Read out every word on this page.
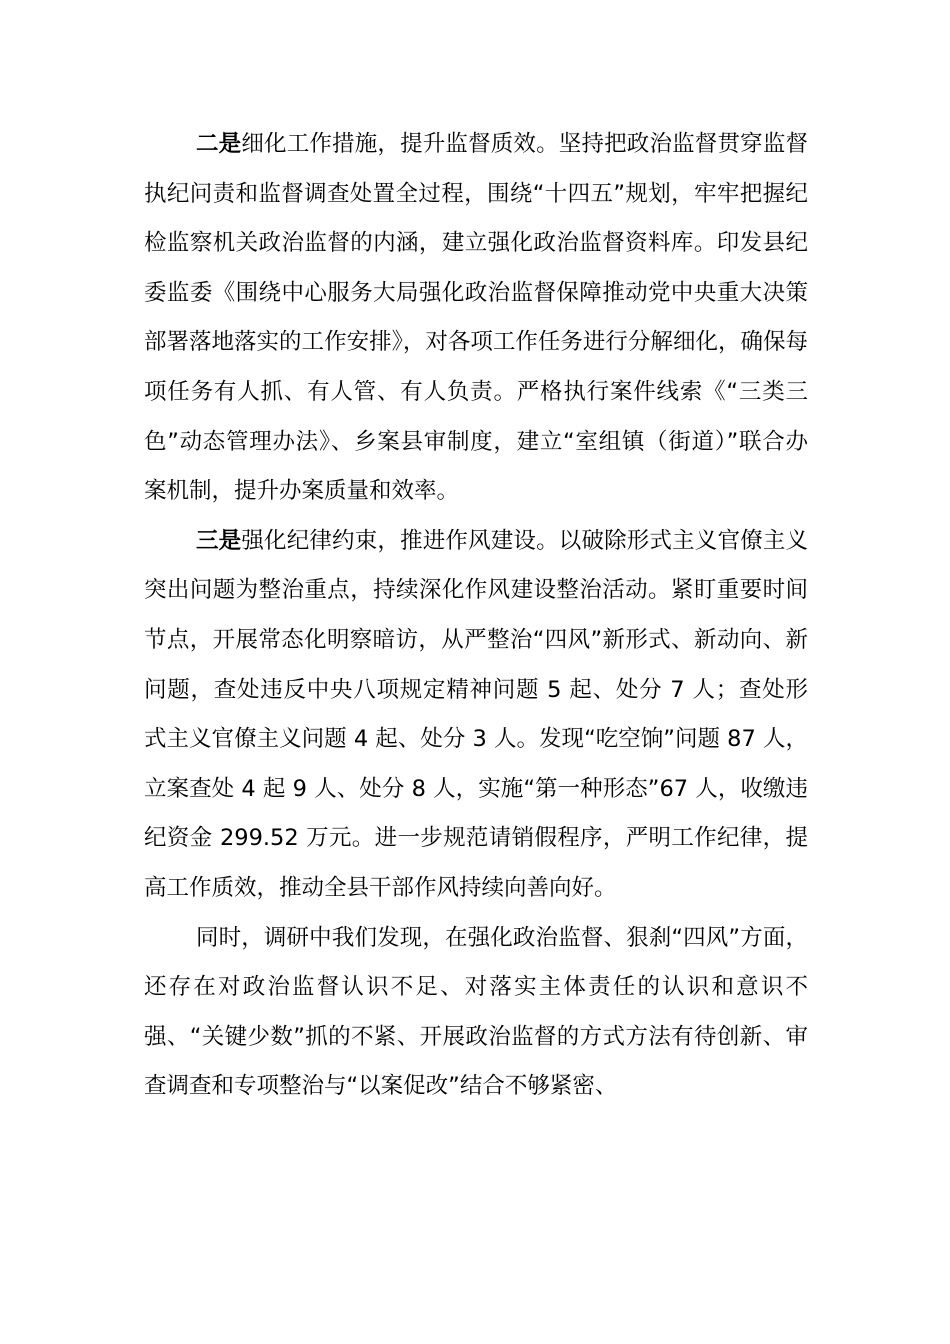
二是细化工作措施，提升监督质效。坚持把政治监督贯穿监督执纪问责和监督调查处置全过程，围绕“十四五”规划，牢牢把握纪检监察机关政治监督的内涵，建立强化政治监督资料库。印发县纪委监委《围绕中心服务大局强化政治监督保障推动党中央重大决策部署落地落实的工作安排》，对各项工作任务进行分解细化，确保每项任务有人抓、有人管、有人负责。严格执行案件线索《“三类三色”动态管理办法》、乡案县审制度，建立“室组镇（街道）”联合办案机制，提升办案质量和效率。

三是强化纪律约束，推进作风建设。以破除形式主义官僚主义突出问题为整治重点，持续深化作风建设整治活动。紧盯重要时间节点，开展常态化明察暗访，从严整治“四风”新形式、新动向、新问题，查处违反中央八项规定精神问题 5 起、处分 7 人；查处形式主义官僚主义问题 4 起、处分 3 人。发现“吃空饷”问题 87 人，立案查处 4 起 9 人、处分 8 人，实施“第一种形态”67 人，收缴违纪资金 299.52 万元。进一步规范请销假程序，严明工作纪律，提高工作质效，推动全县干部作风持续向善向好。

同时，调研中我们发现，在强化政治监督、狠刹“四风”方面，还存在对政治监督认识不足、对落实主体责任的认识和意识不强、“关键少数”抓的不紧、开展政治监督的方式方法有待创新、审查调查和专项整治与“以案促改”结合不够紧密、
